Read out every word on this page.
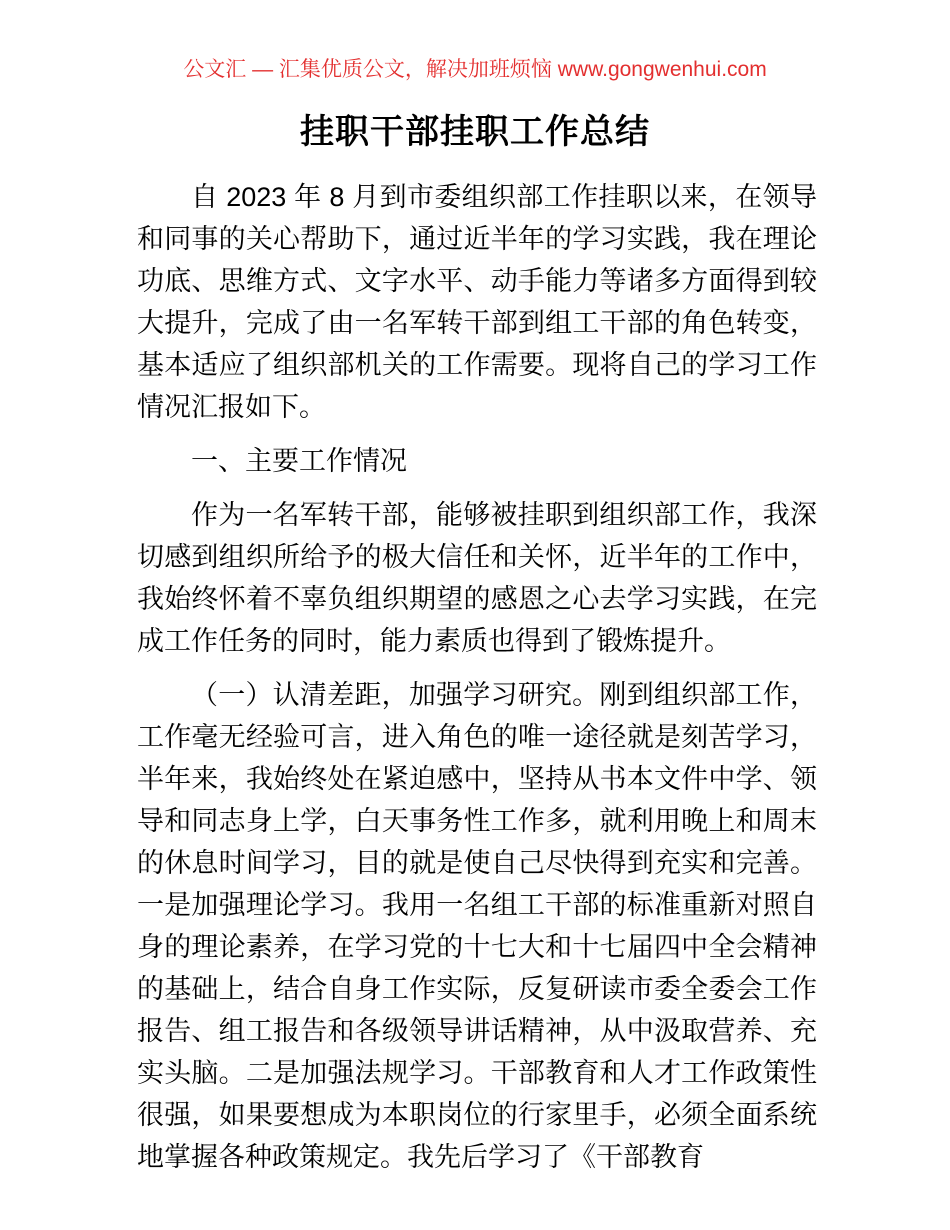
公文汇 — 汇集优质公文，解决加班烦恼 www.gongwenhui.com
挂职干部挂职工作总结
自 2023 年 8 月到市委组织部工作挂职以来，在领导和同事的关心帮助下，通过近半年的学习实践，我在理论功底、思维方式、文字水平、动手能力等诸多方面得到较大提升，完成了由一名军转干部到组工干部的角色转变，基本适应了组织部机关的工作需要。现将自己的学习工作情况汇报如下。
一、主要工作情况
作为一名军转干部，能够被挂职到组织部工作，我深切感到组织所给予的极大信任和关怀，近半年的工作中，我始终怀着不辜负组织期望的感恩之心去学习实践，在完成工作任务的同时，能力素质也得到了锻炼提升。
（一）认清差距，加强学习研究。刚到组织部工作，工作毫无经验可言，进入角色的唯一途径就是刻苦学习，半年来，我始终处在紧迫感中，坚持从书本文件中学、领导和同志身上学，白天事务性工作多，就利用晚上和周末的休息时间学习，目的就是使自己尽快得到充实和完善。一是加强理论学习。我用一名组工干部的标准重新对照自身的理论素养，在学习党的十七大和十七届四中全会精神的基础上，结合自身工作实际，反复研读市委全委会工作报告、组工报告和各级领导讲话精神，从中汲取营养、充实头脑。二是加强法规学习。干部教育和人才工作政策性很强，如果要想成为本职岗位的行家里手，必须全面系统地掌握各种政策规定。我先后学习了《干部教育
